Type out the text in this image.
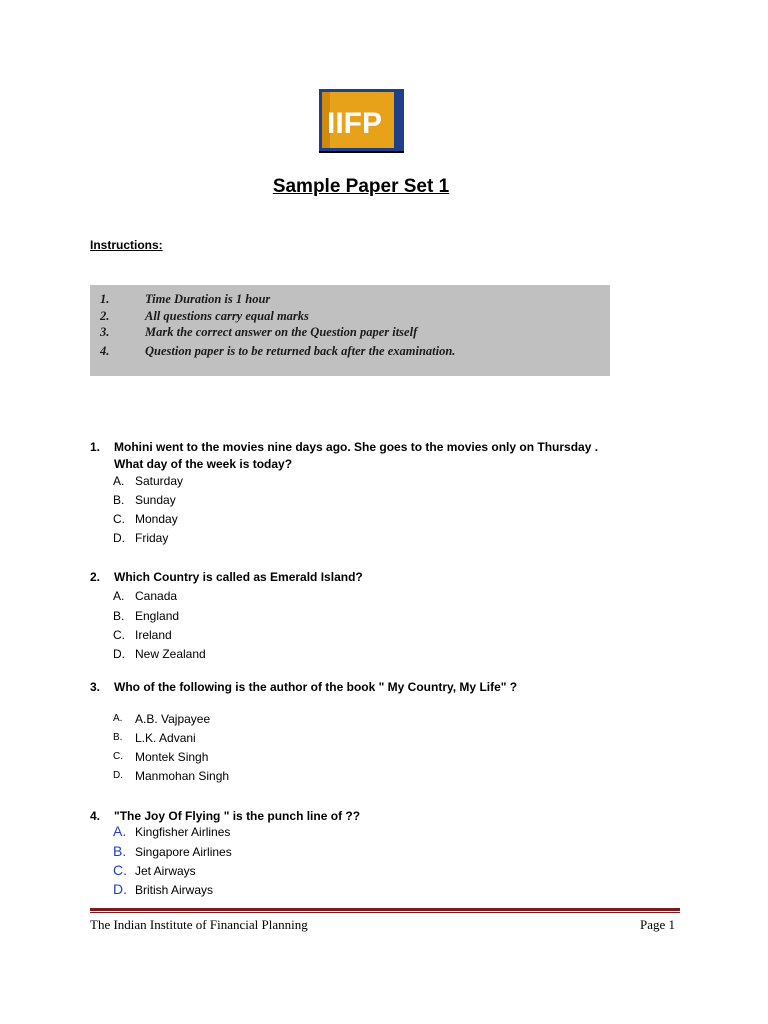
IIFP
Sample Paper Set 1
Instructions:
1.	Time Duration is 1 hour
2.	All questions carry equal marks
3.	Mark the correct answer on the Question paper itself
4.	Question paper is to be returned back after the examination.
1. Mohini went to the movies nine days ago. She goes to the movies only on Thursday .
What day of the week is today?
A. Saturday
B. Sunday
C. Monday
D. Friday
2. Which Country is called as Emerald Island?
A. Canada
B. England
C. Ireland
D. New Zealand
3. Who of the following is the author of the book " My Country, My Life" ?
A. A.B. Vajpayee
B. L.K. Advani
C. Montek Singh
D. Manmohan Singh
4. "The Joy Of Flying " is the punch line of ??
A. Kingfisher Airlines
B. Singapore Airlines
C. Jet Airways
D. British Airways
The Indian Institute of Financial Planning	Page 1
